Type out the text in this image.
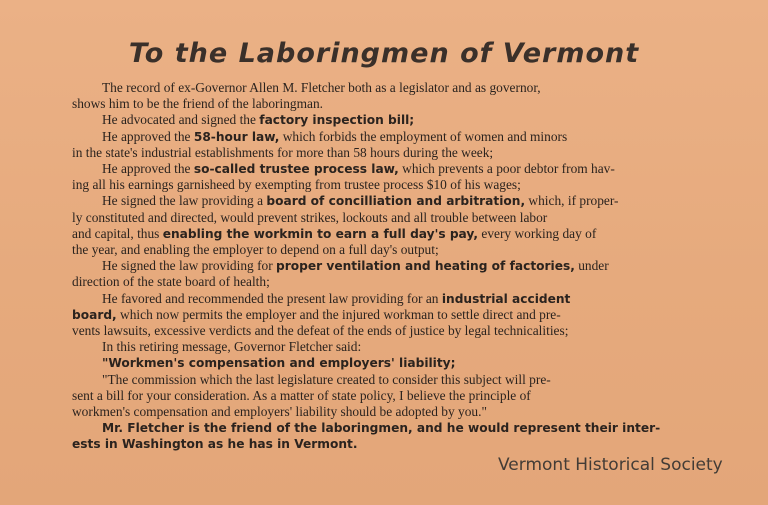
To the Laboringmen of Vermont
The record of ex-Governor Allen M. Fletcher both as a legislator and as governor,
shows him to be the friend of the laboringman.
He advocated and signed the factory inspection bill;
He approved the 58-hour law, which forbids the employment of women and minors
in the state's industrial establishments for more than 58 hours during the week;
He approved the so-called trustee process law, which prevents a poor debtor from hav-
ing all his earnings garnisheed by exempting from trustee process $10 of his wages;
He signed the law providing a board of concilliation and arbitration, which, if proper-
ly constituted and directed, would prevent strikes, lockouts and all trouble between labor
and capital, thus enabling the workmin to earn a full day's pay, every working day of
the year, and enabling the employer to depend on a full day's output;
He signed the law providing for proper ventilation and heating of factories, under
direction of the state board of health;
He favored and recommended the present law providing for an industrial accident
board, which now permits the employer and the injured workman to settle direct and pre-
vents lawsuits, excessive verdicts and the defeat of the ends of justice by legal technicalities;
In this retiring message, Governor Fletcher said:
"Workmen's compensation and employers' liability;
"The commission which the last legislature created to consider this subject will pre-
sent a bill for your consideration. As a matter of state policy, I believe the principle of
workmen's compensation and employers' liability should be adopted by you."
Mr. Fletcher is the friend of the laboringmen, and he would represent their inter-
ests in Washington as he has in Vermont.
Vermont Historical Society
